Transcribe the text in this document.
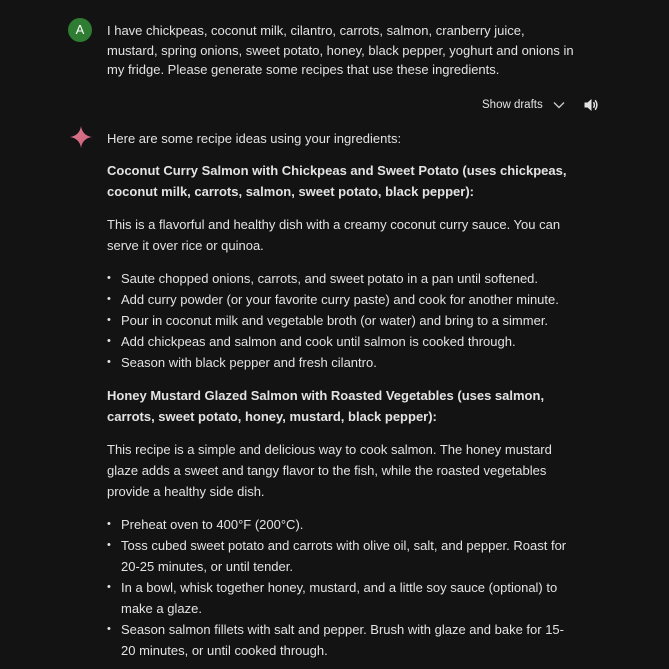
A	I have chickpeas, coconut milk, cilantro, carrots, salmon, cranberry juice, mustard, spring onions, sweet potato, honey, black pepper, yoghurt and onions in my fridge. Please generate some recipes that use these ingredients.
Show drafts

Here are some recipe ideas using your ingredients:

Coconut Curry Salmon with Chickpeas and Sweet Potato (uses chickpeas, coconut milk, carrots, salmon, sweet potato, black pepper):

This is a flavorful and healthy dish with a creamy coconut curry sauce. You can serve it over rice or quinoa.

• Saute chopped onions, carrots, and sweet potato in a pan until softened.
• Add curry powder (or your favorite curry paste) and cook for another minute.
• Pour in coconut milk and vegetable broth (or water) and bring to a simmer.
• Add chickpeas and salmon and cook until salmon is cooked through.
• Season with black pepper and fresh cilantro.

Honey Mustard Glazed Salmon with Roasted Vegetables (uses salmon, carrots, sweet potato, honey, mustard, black pepper):

This recipe is a simple and delicious way to cook salmon. The honey mustard glaze adds a sweet and tangy flavor to the fish, while the roasted vegetables provide a healthy side dish.

• Preheat oven to 400°F (200°C).
• Toss cubed sweet potato and carrots with olive oil, salt, and pepper. Roast for 20-25 minutes, or until tender.
• In a bowl, whisk together honey, mustard, and a little soy sauce (optional) to make a glaze.
• Season salmon fillets with salt and pepper. Brush with glaze and bake for 15-20 minutes, or until cooked through.
